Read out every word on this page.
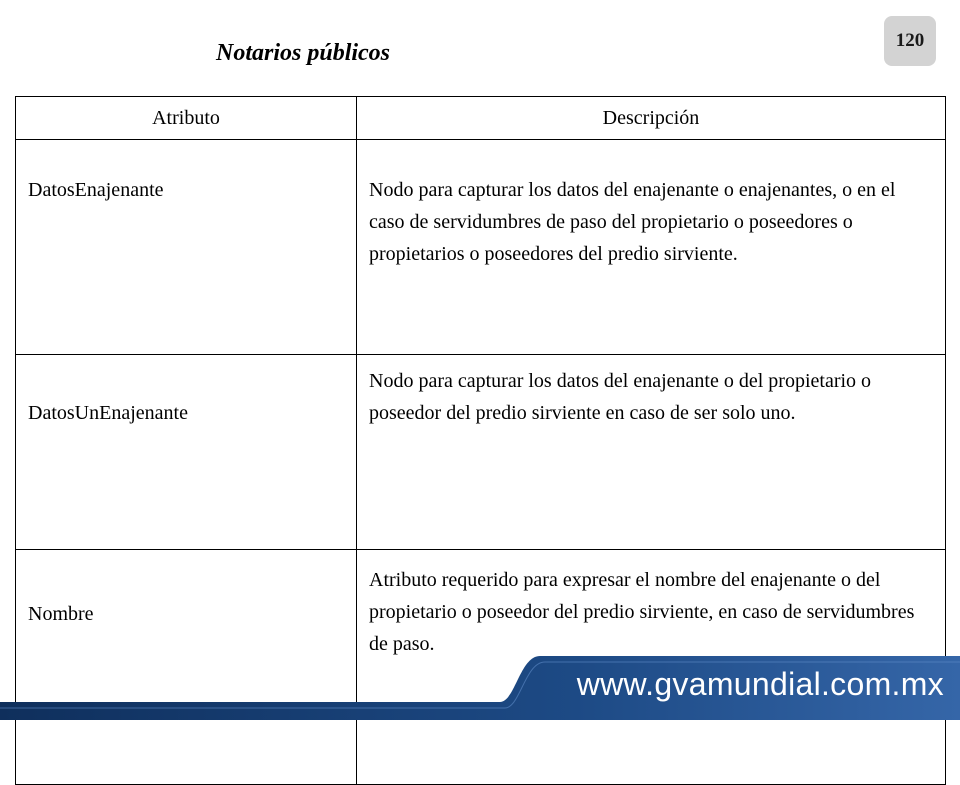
120
Notarios públicos
Atributo	Descripción
DatosEnajenante	Nodo para capturar los datos del enajenante o enajenantes, o en el caso de servidumbres de paso del propietario o poseedores o propietarios o poseedores del predio sirviente.
DatosUnEnajenante	Nodo para capturar los datos del enajenante o del propietario o poseedor del predio sirviente en caso de ser solo uno.
Nombre	Atributo requerido para expresar el nombre del enajenante o del propietario o poseedor del predio sirviente, en caso de servidumbres de paso.
www.gvamundial.com.mx
